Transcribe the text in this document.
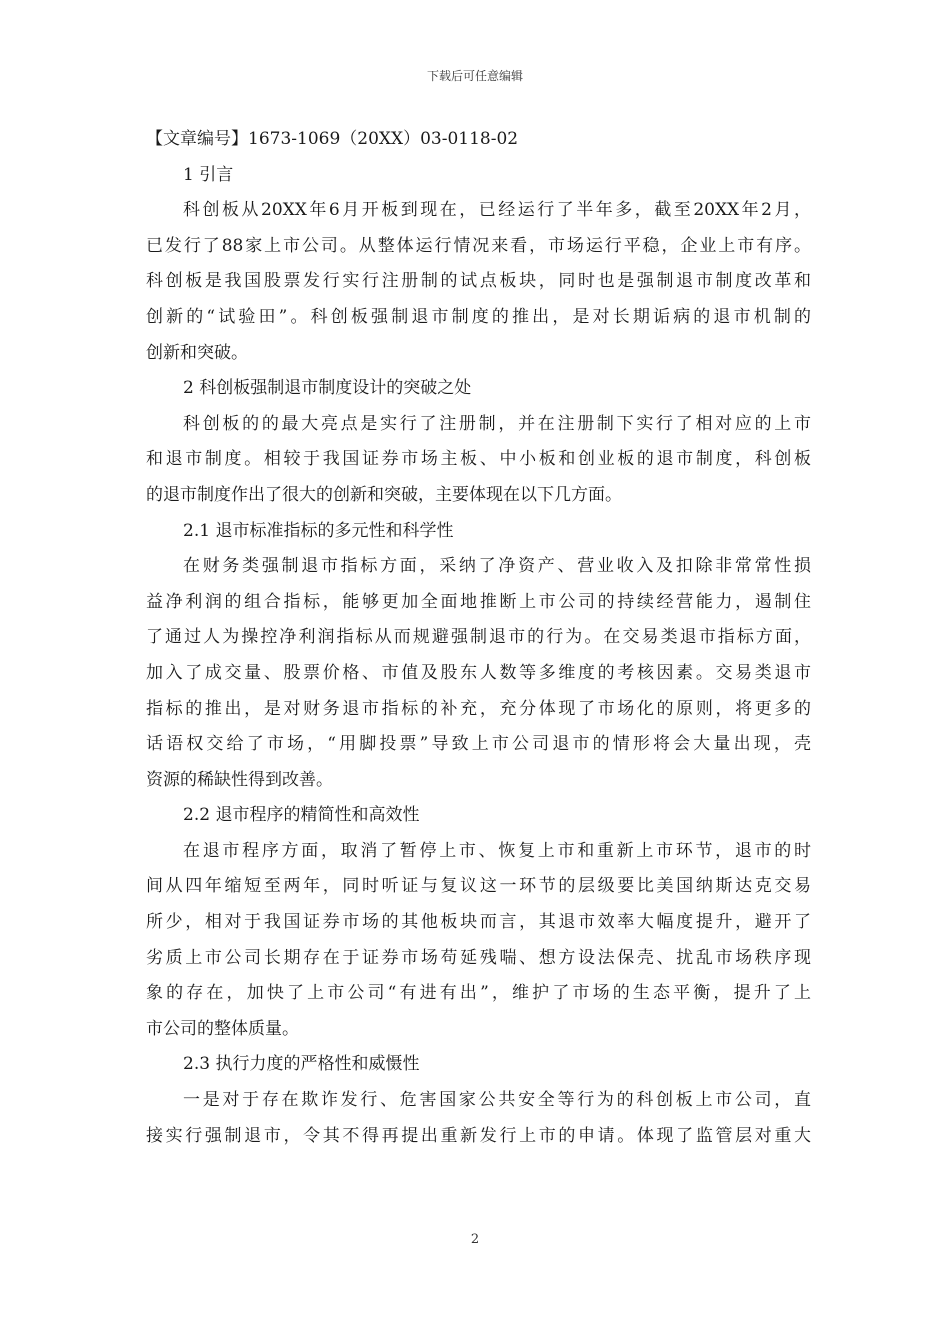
下载后可任意编辑
【文章编号】1673-1069（20XX）03-0118-02
1 引言
科创板从20XX年6月开板到现在，已经运行了半年多，截至20XX年2月，
已发行了88家上市公司。从整体运行情况来看，市场运行平稳，企业上市有序。
科创板是我国股票发行实行注册制的试点板块，同时也是强制退市制度改革和
创新的“试验田”。科创板强制退市制度的推出，是对长期诟病的退市机制的
创新和突破。
2 科创板强制退市制度设计的突破之处
科创板的的最大亮点是实行了注册制，并在注册制下实行了相对应的上市
和退市制度。相较于我国证券市场主板、中小板和创业板的退市制度，科创板
的退市制度作出了很大的创新和突破，主要体现在以下几方面。
2.1 退市标准指标的多元性和科学性
在财务类强制退市指标方面，采纳了净资产、营业收入及扣除非常常性损
益净利润的组合指标，能够更加全面地推断上市公司的持续经营能力，遏制住
了通过人为操控净利润指标从而规避强制退市的行为。在交易类退市指标方面，
加入了成交量、股票价格、市值及股东人数等多维度的考核因素。交易类退市
指标的推出，是对财务退市指标的补充，充分体现了市场化的原则，将更多的
话语权交给了市场，“用脚投票”导致上市公司退市的情形将会大量出现，壳
资源的稀缺性得到改善。
2.2 退市程序的精简性和高效性
在退市程序方面，取消了暂停上市、恢复上市和重新上市环节，退市的时
间从四年缩短至两年，同时听证与复议这一环节的层级要比美国纳斯达克交易
所少，相对于我国证券市场的其他板块而言，其退市效率大幅度提升，避开了
劣质上市公司长期存在于证券市场苟延残喘、想方设法保壳、扰乱市场秩序现
象的存在，加快了上市公司“有进有出”，维护了市场的生态平衡，提升了上
市公司的整体质量。
2.3 执行力度的严格性和威慑性
一是对于存在欺诈发行、危害国家公共安全等行为的科创板上市公司，直
接实行强制退市，令其不得再提出重新发行上市的申请。体现了监管层对重大
2
